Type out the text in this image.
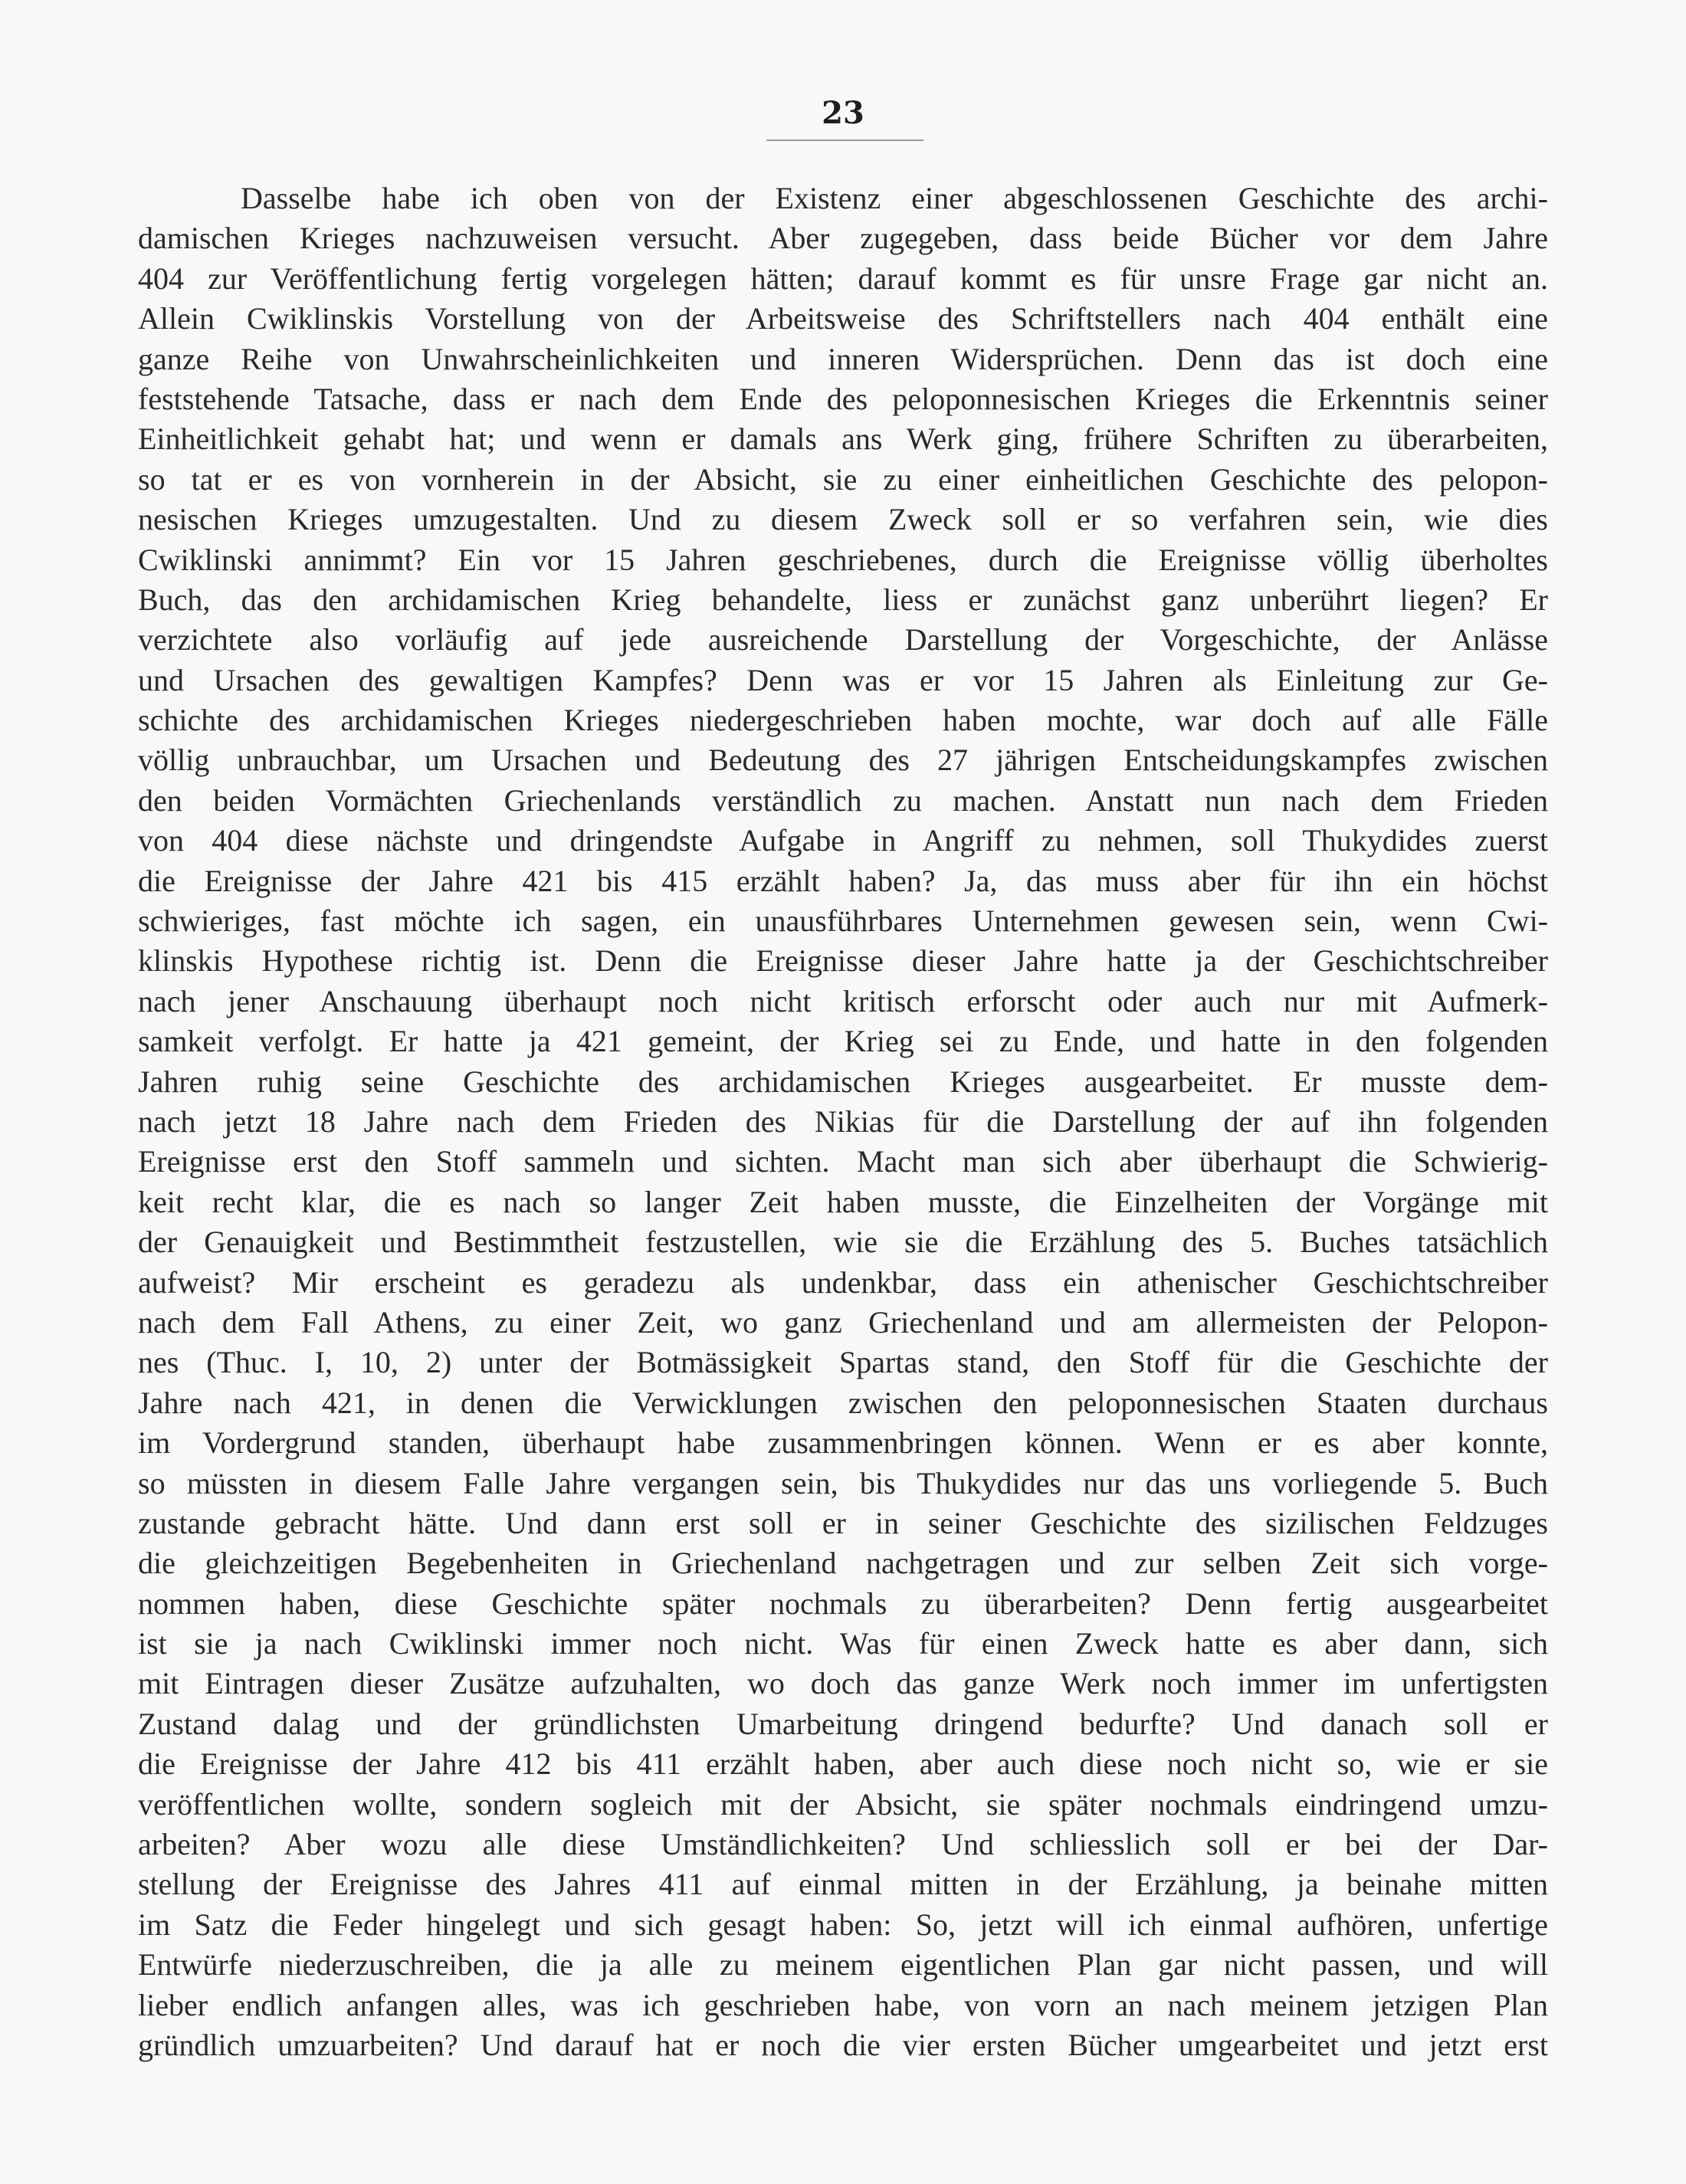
23
Dasselbe habe ich oben von der Existenz einer abgeschlossenen Geschichte des archi-
damischen Krieges nachzuweisen versucht. Aber zugegeben, dass beide Bücher vor dem Jahre
404 zur Veröffentlichung fertig vorgelegen hätten; darauf kommt es für unsre Frage gar nicht an.
Allein Cwiklinskis Vorstellung von der Arbeitsweise des Schriftstellers nach 404 enthält eine
ganze Reihe von Unwahrscheinlichkeiten und inneren Widersprüchen. Denn das ist doch eine
feststehende Tatsache, dass er nach dem Ende des peloponnesischen Krieges die Erkenntnis seiner
Einheitlichkeit gehabt hat; und wenn er damals ans Werk ging, frühere Schriften zu überarbeiten,
so tat er es von vornherein in der Absicht, sie zu einer einheitlichen Geschichte des pelopon-
nesischen Krieges umzugestalten. Und zu diesem Zweck soll er so verfahren sein, wie dies
Cwiklinski annimmt? Ein vor 15 Jahren geschriebenes, durch die Ereignisse völlig überholtes
Buch, das den archidamischen Krieg behandelte, liess er zunächst ganz unberührt liegen? Er
verzichtete also vorläufig auf jede ausreichende Darstellung der Vorgeschichte, der Anlässe
und Ursachen des gewaltigen Kampfes? Denn was er vor 15 Jahren als Einleitung zur Ge-
schichte des archidamischen Krieges niedergeschrieben haben mochte, war doch auf alle Fälle
völlig unbrauchbar, um Ursachen und Bedeutung des 27 jährigen Entscheidungskampfes zwischen
den beiden Vormächten Griechenlands verständlich zu machen. Anstatt nun nach dem Frieden
von 404 diese nächste und dringendste Aufgabe in Angriff zu nehmen, soll Thukydides zuerst
die Ereignisse der Jahre 421 bis 415 erzählt haben? Ja, das muss aber für ihn ein höchst
schwieriges, fast möchte ich sagen, ein unausführbares Unternehmen gewesen sein, wenn Cwi-
klinskis Hypothese richtig ist. Denn die Ereignisse dieser Jahre hatte ja der Geschichtschreiber
nach jener Anschauung überhaupt noch nicht kritisch erforscht oder auch nur mit Aufmerk-
samkeit verfolgt. Er hatte ja 421 gemeint, der Krieg sei zu Ende, und hatte in den folgenden
Jahren ruhig seine Geschichte des archidamischen Krieges ausgearbeitet. Er musste dem-
nach jetzt 18 Jahre nach dem Frieden des Nikias für die Darstellung der auf ihn folgenden
Ereignisse erst den Stoff sammeln und sichten. Macht man sich aber überhaupt die Schwierig-
keit recht klar, die es nach so langer Zeit haben musste, die Einzelheiten der Vorgänge mit
der Genauigkeit und Bestimmtheit festzustellen, wie sie die Erzählung des 5. Buches tatsächlich
aufweist? Mir erscheint es geradezu als undenkbar, dass ein athenischer Geschichtschreiber
nach dem Fall Athens, zu einer Zeit, wo ganz Griechenland und am allermeisten der Pelopon-
nes (Thuc. I, 10, 2) unter der Botmässigkeit Spartas stand, den Stoff für die Geschichte der
Jahre nach 421, in denen die Verwicklungen zwischen den peloponnesischen Staaten durchaus
im Vordergrund standen, überhaupt habe zusammenbringen können. Wenn er es aber konnte,
so müssten in diesem Falle Jahre vergangen sein, bis Thukydides nur das uns vorliegende 5. Buch
zustande gebracht hätte. Und dann erst soll er in seiner Geschichte des sizilischen Feldzuges
die gleichzeitigen Begebenheiten in Griechenland nachgetragen und zur selben Zeit sich vorge-
nommen haben, diese Geschichte später nochmals zu überarbeiten? Denn fertig ausgearbeitet
ist sie ja nach Cwiklinski immer noch nicht. Was für einen Zweck hatte es aber dann, sich
mit Eintragen dieser Zusätze aufzuhalten, wo doch das ganze Werk noch immer im unfertigsten
Zustand dalag und der gründlichsten Umarbeitung dringend bedurfte? Und danach soll er
die Ereignisse der Jahre 412 bis 411 erzählt haben, aber auch diese noch nicht so, wie er sie
veröffentlichen wollte, sondern sogleich mit der Absicht, sie später nochmals eindringend umzu-
arbeiten? Aber wozu alle diese Umständlichkeiten? Und schliesslich soll er bei der Dar-
stellung der Ereignisse des Jahres 411 auf einmal mitten in der Erzählung, ja beinahe mitten
im Satz die Feder hingelegt und sich gesagt haben: So, jetzt will ich einmal aufhören, unfertige
Entwürfe niederzuschreiben, die ja alle zu meinem eigentlichen Plan gar nicht passen, und will
lieber endlich anfangen alles, was ich geschrieben habe, von vorn an nach meinem jetzigen Plan
gründlich umzuarbeiten? Und darauf hat er noch die vier ersten Bücher umgearbeitet und jetzt erst
